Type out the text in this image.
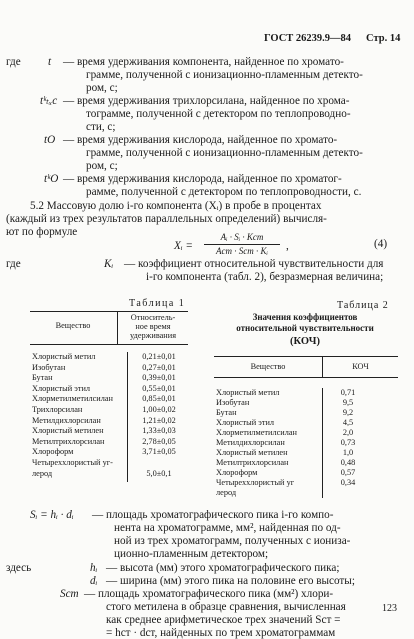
ГОСТ 26239.9—84 Стр. 14
где t — время удерживания компонента, найденное по хромато-
грамме, полученной с ионизационно-пламенным детекто-
ром, с;
tᵏₜₓc — время удерживания трихлорсилана, найденное по хрома-
тограмме, полученной с детектором по теплопроводно-
сти, с;
tO — время удерживания кислорода, найденное по хромато-
грамме, полученной с ионизационно-пламенным детекто-
ром, с;
tᵏO — время удерживания кислорода, найденное по хроматог-
рамме, полученной с детектором по теплопроводности, с.
5.2 Массовую долю i-го компонента (Xᵢ) в пробе в процентах
(каждый из трех результатов параллельных определений) вычисля-
ют по формуле
Xᵢ =
Aᵢ · Sᵢ · Kст
Aст · Sст · Kᵢ	,	(4)
где	Kᵢ — коэффициент относительной чувствительности для
i-го компонента (табл. 2), безразмерная величина;
Таблица 1
Вещество
Относитель-
ное время
удерживания
Хлористый метил	0,21±0,01
Изобутан	0,27±0,01
Бутан	0,39±0,01
Хлористый этил	0,55±0,01
Хлорметилметилсилан	0,85±0,01
Трихлорсилан	1,00±0,02
Метилдихлорсилан	1,21±0,02
Хлористый метилен	1,33±0,03
Метилтрихлорсилан	2,78±0,05
Хлороформ	3,71±0,05
Четыреххлористый уг-
лерод	5,0±0,1
Таблица 2
Значения коэффициентов
относительной чувствительности
(КОЧ)
Вещество	КОЧ
Хлористый метил	0,71
Изобутан	9,5
Бутан	9,2
Хлористый этил	4,5
Хлорметилметилсилан	2,0
Метилдихлорсилан	0,73
Хлористый метилен	1,0
Метилтрихлорсилан	0,48
Хлороформ	0,57
Четыреххлористый уг	0,34
лерод
Sᵢ = hᵢ · dᵢ — площадь хроматографического пика i-го компо-
нента на хроматограмме, мм², найденная по од-
ной из трех хроматограмм, полученных с ионизa-
ционно-пламенным детектором;
здесь	hᵢ — высота (мм) этого хроматографического пика;
dᵢ — ширина (мм) этого пика на половине его высоты;
Sст — площадь хроматографического пика (мм²) хлори-
стого метилена в образце сравнения, вычисленная
как среднее арифметическое трех значений Sст =
= hст · dст, найденных по трем хроматограммам
123
